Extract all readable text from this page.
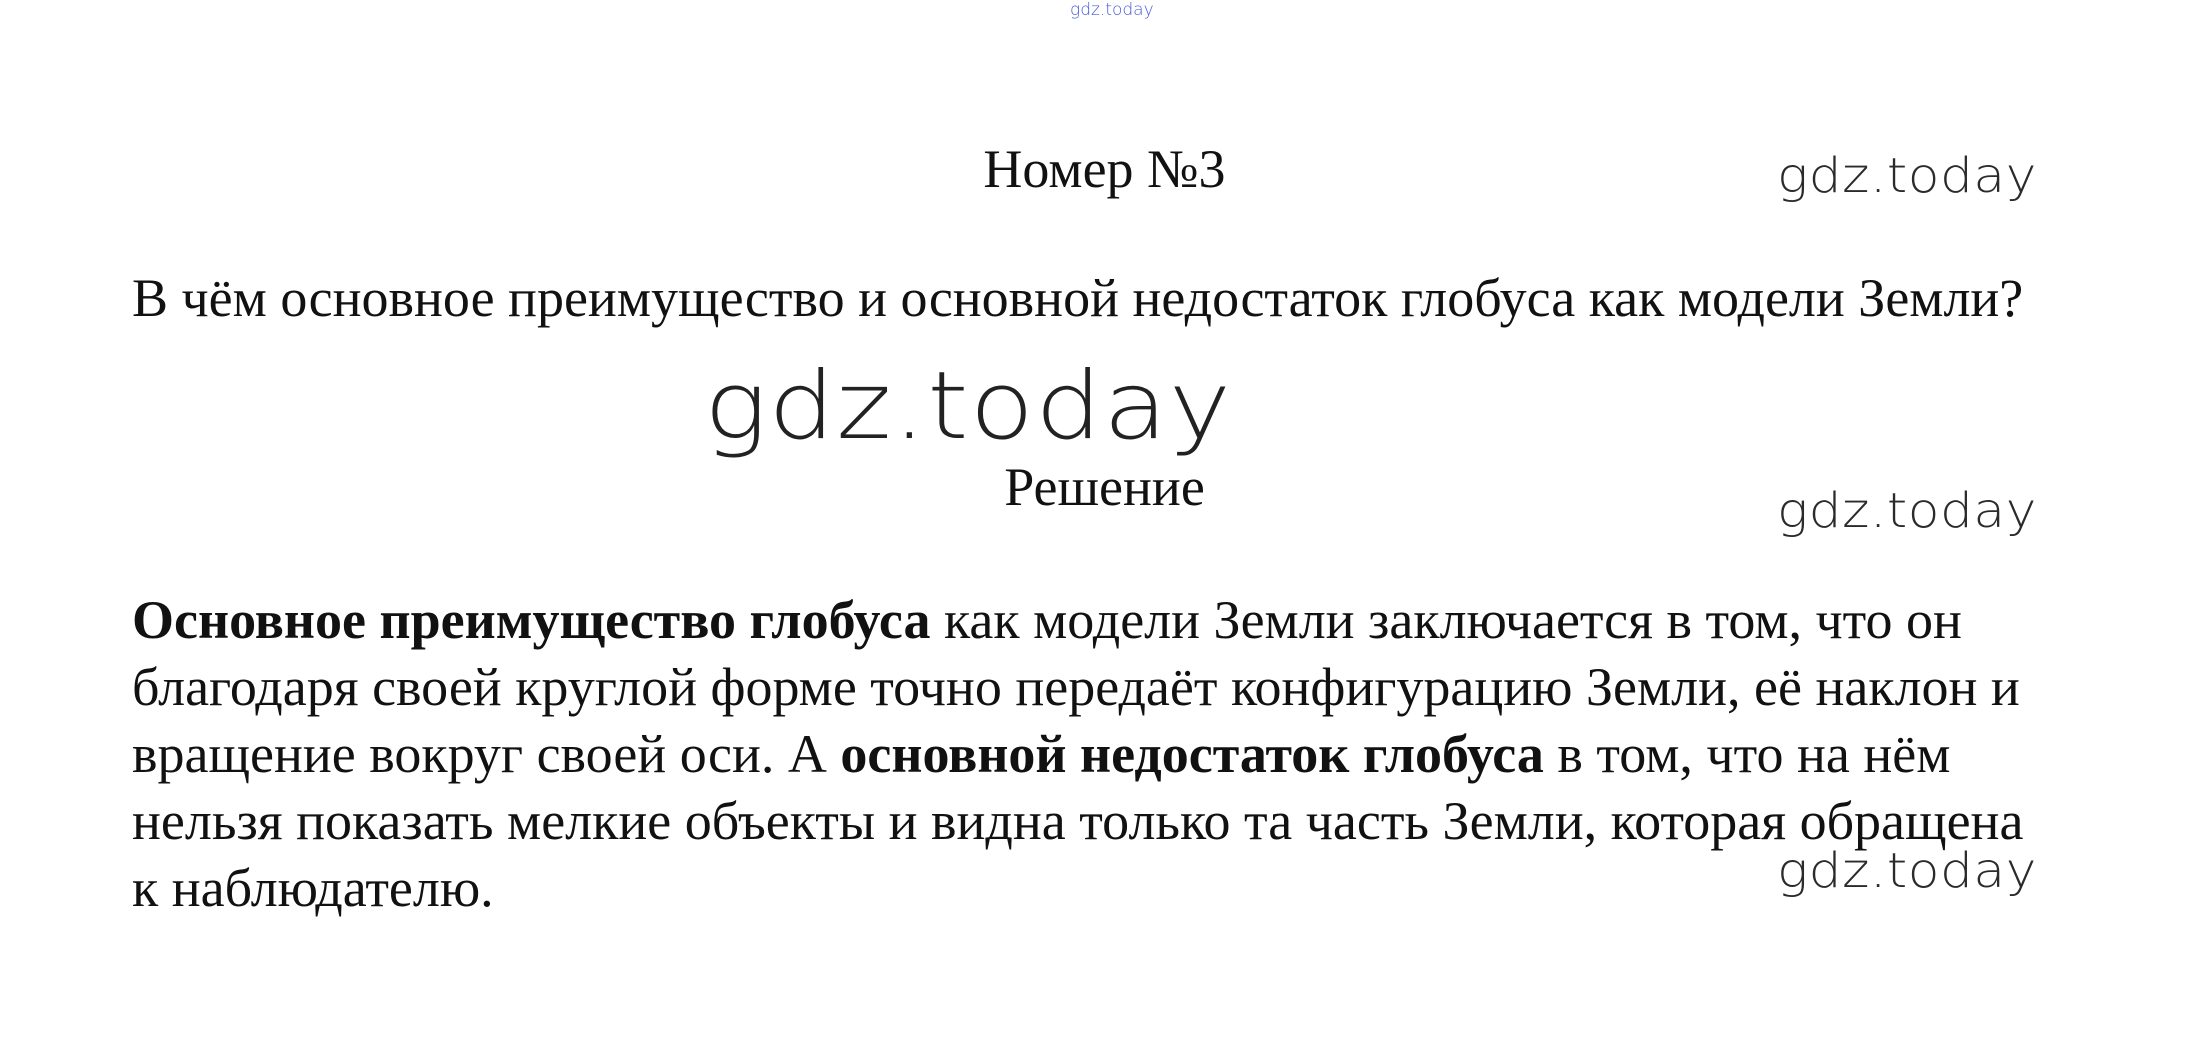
gdz.today
Номер №3	gdz.today

В чём основное преимущество и основной недостаток глобуса как модели Земли?

gdz.today
Решение	gdz.today

Основное преимущество глобуса как модели Земли заключается в том, что он благодаря своей круглой форме точно передаёт конфигурацию Земли, её наклон и вращение вокруг своей оси. А основной недостаток глобуса в том, что на нём нельзя показать мелкие объекты и видна только та часть Земли, которая обращена к наблюдателю.	gdz.today
